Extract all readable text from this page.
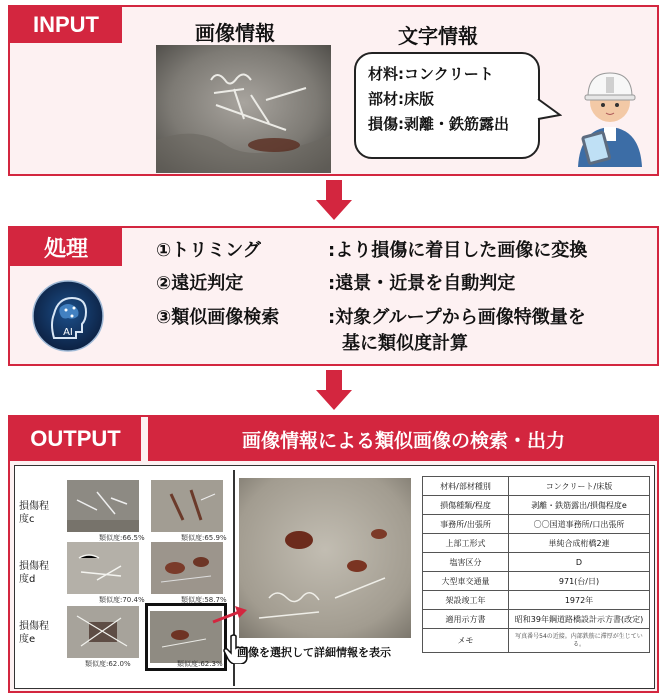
INPUT	画像情報	文字情報
材料:コンクリート
部材:床版
損傷:剥離・鉄筋露出
処理
AI
①トリミング	:より損傷に着目した画像に変換
②遠近判定	:遠景・近景を自動判定
③類似画像検索	:対象グループから画像特徴量を
基に類似度計算
OUTPUT	画像情報による類似画像の検索・出力
損傷程度c
損傷程度d
損傷程度e
類似度:66.5%	類似度:65.9%
類似度:70.4%	類似度:58.7%
類似度:62.0%	類似度:62.3%
画像を選択して詳細情報を表示
材料/部材種別	コンクリート/床版
損傷種類/程度	剥離・鉄筋露出/損傷程度e
事務所/出張所	〇〇国道事務所/口出張所
上部工形式	単純合成桁橋2連
塩害区分	D
大型車交通量	971(台/日)
架設竣工年	1972年
適用示方書	昭和39年鋼道路橋設計示方書(改定)
メモ	写真番号54の近接。内部鉄筋に滞厚が生じている。
